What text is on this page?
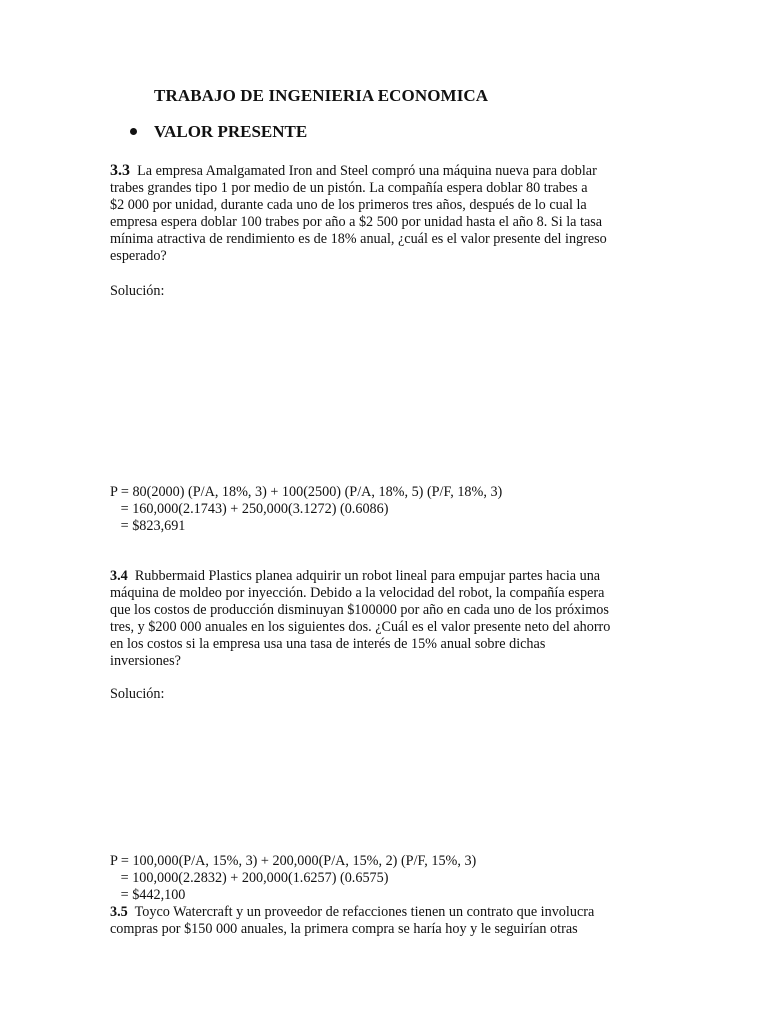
TRABAJO DE INGENIERIA ECONOMICA
VALOR PRESENTE
3.3 La empresa Amalgamated Iron and Steel compró una máquina nueva para doblar
trabes grandes tipo 1 por medio de un pistón. La compañía espera doblar 80 trabes a
$2 000 por unidad, durante cada uno de los primeros tres años, después de lo cual la
empresa espera doblar 100 trabes por año a $2 500 por unidad hasta el año 8. Si la tasa
mínima atractiva de rendimiento es de 18% anual, ¿cuál es el valor presente del ingreso
esperado?
Solución:
P = 80(2000) (P/A, 18%, 3) + 100(2500) (P/A, 18%, 5) (P/F, 18%, 3)
= 160,000(2.1743) + 250,000(3.1272) (0.6086)
= $823,691
3.4 Rubbermaid Plastics planea adquirir un robot lineal para empujar partes hacia una
máquina de moldeo por inyección. Debido a la velocidad del robot, la compañía espera
que los costos de producción disminuyan $100000 por año en cada uno de los próximos
tres, y $200 000 anuales en los siguientes dos. ¿Cuál es el valor presente neto del ahorro
en los costos si la empresa usa una tasa de interés de 15% anual sobre dichas
inversiones?
Solución:
P = 100,000(P/A, 15%, 3) + 200,000(P/A, 15%, 2) (P/F, 15%, 3)
= 100,000(2.2832) + 200,000(1.6257) (0.6575)
= $442,100
3.5 Toyco Watercraft y un proveedor de refacciones tienen un contrato que involucra
compras por $150 000 anuales, la primera compra se haría hoy y le seguirían otras
